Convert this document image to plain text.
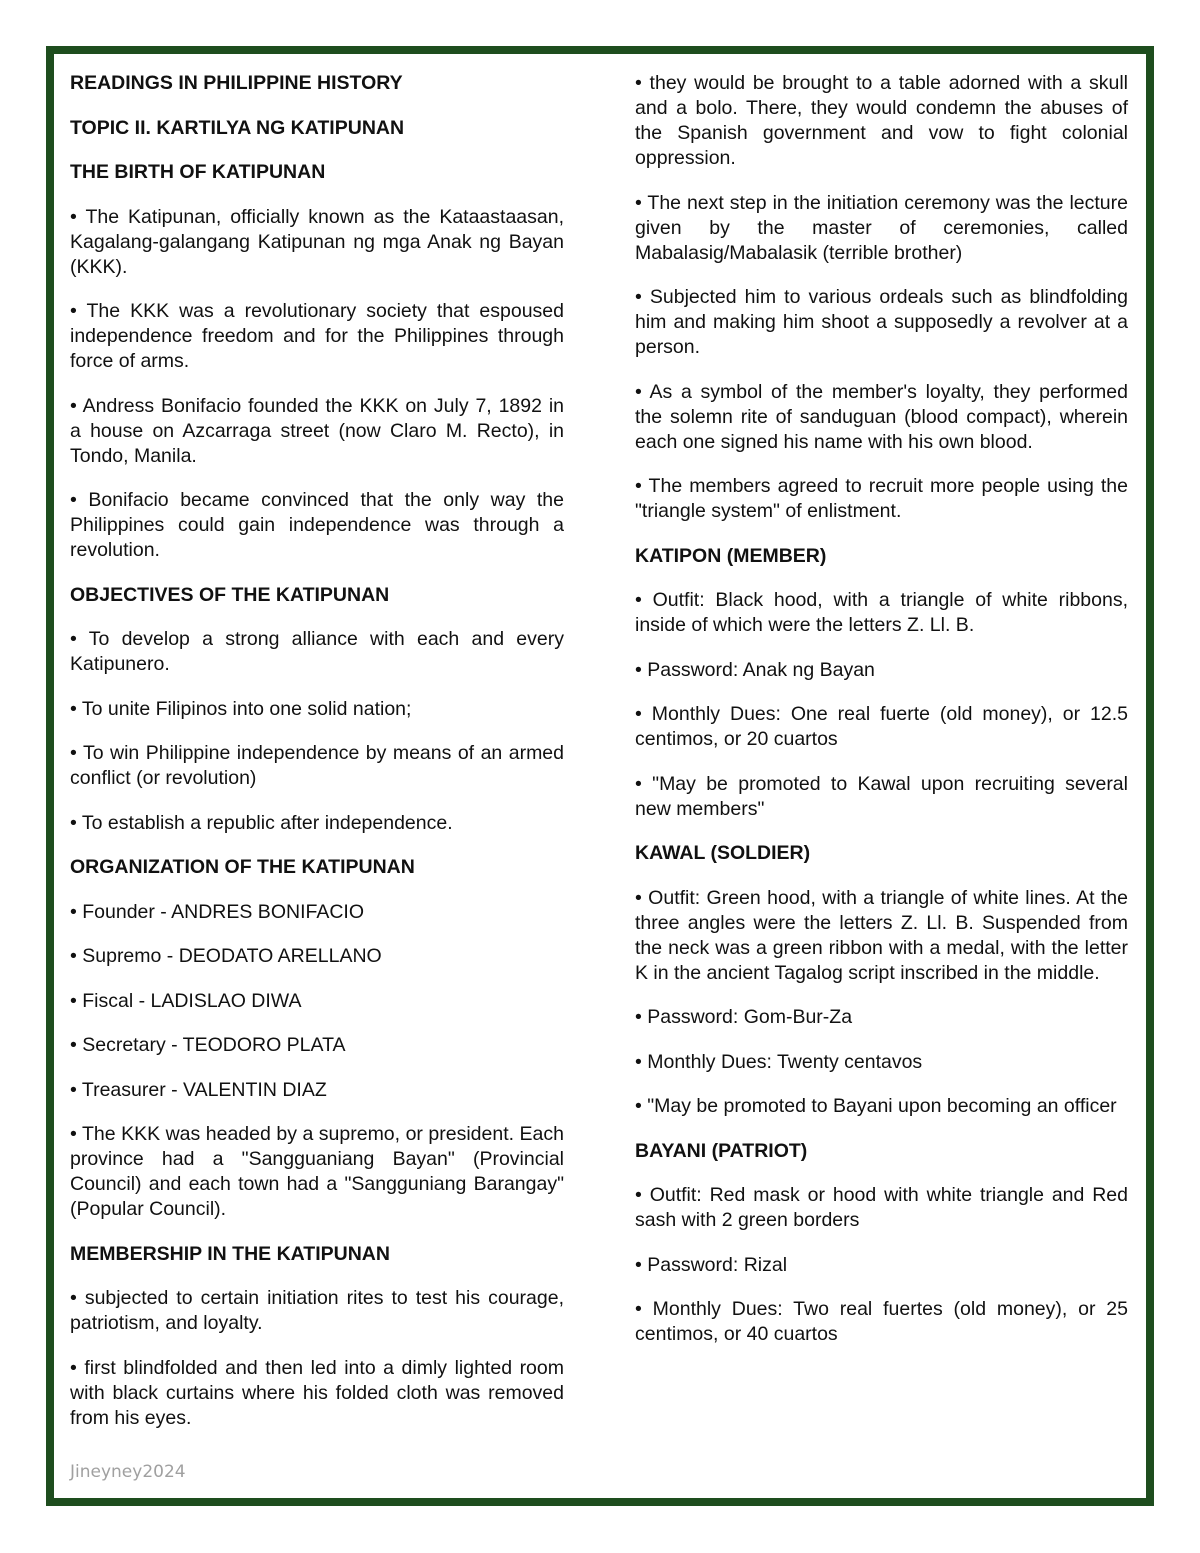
READINGS IN PHILIPPINE HISTORY
TOPIC II. KARTILYA NG KATIPUNAN
THE BIRTH OF KATIPUNAN

• The Katipunan, officially known as the Kataastaasan, Kagalang-galangang Katipunan ng mga Anak ng Bayan (KKK).

• The KKK was a revolutionary society that espoused independence freedom and for the Philippines through force of arms.

• Andress Bonifacio founded the KKK on July 7, 1892 in a house on Azcarraga street (now Claro M. Recto), in Tondo, Manila.

• Bonifacio became convinced that the only way the Philippines could gain independence was through a revolution.

OBJECTIVES OF THE KATIPUNAN

• To develop a strong alliance with each and every Katipunero.

• To unite Filipinos into one solid nation;

• To win Philippine independence by means of an armed conflict (or revolution)

• To establish a republic after independence.

ORGANIZATION OF THE KATIPUNAN

• Founder - ANDRES BONIFACIO

• Supremo - DEODATO ARELLANO

• Fiscal - LADISLAO DIWA

• Secretary - TEODORO PLATA

• Treasurer - VALENTIN DIAZ

• The KKK was headed by a supremo, or president. Each province had a "Sangguaniang Bayan" (Provincial Council) and each town had a "Sangguniang Barangay" (Popular Council).

MEMBERSHIP IN THE KATIPUNAN

• subjected to certain initiation rites to test his courage, patriotism, and loyalty.

• first blindfolded and then led into a dimly lighted room with black curtains where his folded cloth was removed from his eyes.

• they would be brought to a table adorned with a skull and a bolo. There, they would condemn the abuses of the Spanish government and vow to fight colonial oppression.

• The next step in the initiation ceremony was the lecture given by the master of ceremonies, called Mabalasig/Mabalasik (terrible brother)

• Subjected him to various ordeals such as blindfolding him and making him shoot a supposedly a revolver at a person.

• As a symbol of the member's loyalty, they performed the solemn rite of sanduguan (blood compact), wherein each one signed his name with his own blood.

• The members agreed to recruit more people using the "triangle system" of enlistment.

KATIPON (MEMBER)

• Outfit: Black hood, with a triangle of white ribbons, inside of which were the letters Z. Ll. B.

• Password: Anak ng Bayan

• Monthly Dues: One real fuerte (old money), or 12.5 centimos, or 20 cuartos

• "May be promoted to Kawal upon recruiting several new members"

KAWAL (SOLDIER)

• Outfit: Green hood, with a triangle of white lines. At the three angles were the letters Z. Ll. B. Suspended from the neck was a green ribbon with a medal, with the letter K in the ancient Tagalog script inscribed in the middle.

• Password: Gom-Bur-Za

• Monthly Dues: Twenty centavos

• "May be promoted to Bayani upon becoming an officer

BAYANI (PATRIOT)

• Outfit: Red mask or hood with white triangle and Red sash with 2 green borders

• Password: Rizal

• Monthly Dues: Two real fuertes (old money), or 25 centimos, or 40 cuartos

Jineyney2024
